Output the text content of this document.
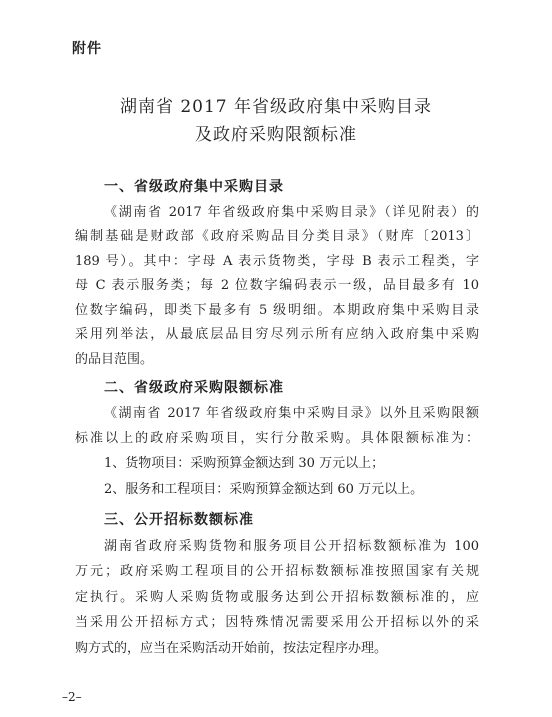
附件
湖南省 2017 年省级政府集中采购目录
及政府采购限额标准
一、省级政府集中采购目录
《湖南省 2017 年省级政府集中采购目录》（详见附表）的
编制基础是财政部《政府采购品目分类目录》（财库〔2013〕
189 号）。其中：字母 A 表示货物类，字母 B 表示工程类，字
母 C 表示服务类；每 2 位数字编码表示一级，品目最多有 10
位数字编码，即类下最多有 5 级明细。本期政府集中采购目录
采用列举法，从最底层品目穷尽列示所有应纳入政府集中采购
的品目范围。
二、省级政府采购限额标准
《湖南省 2017 年省级政府集中采购目录》以外且采购限额
标准以上的政府采购项目，实行分散采购。具体限额标准为：
1、货物项目：采购预算金额达到 30 万元以上；
2、服务和工程项目：采购预算金额达到 60 万元以上。
三、公开招标数额标准
湖南省政府采购货物和服务项目公开招标数额标准为 100
万元；政府采购工程项目的公开招标数额标准按照国家有关规
定执行。采购人采购货物或服务达到公开招标数额标准的，应
当采用公开招标方式；因特殊情况需要采用公开招标以外的采
购方式的，应当在采购活动开始前，按法定程序办理。
–2–
